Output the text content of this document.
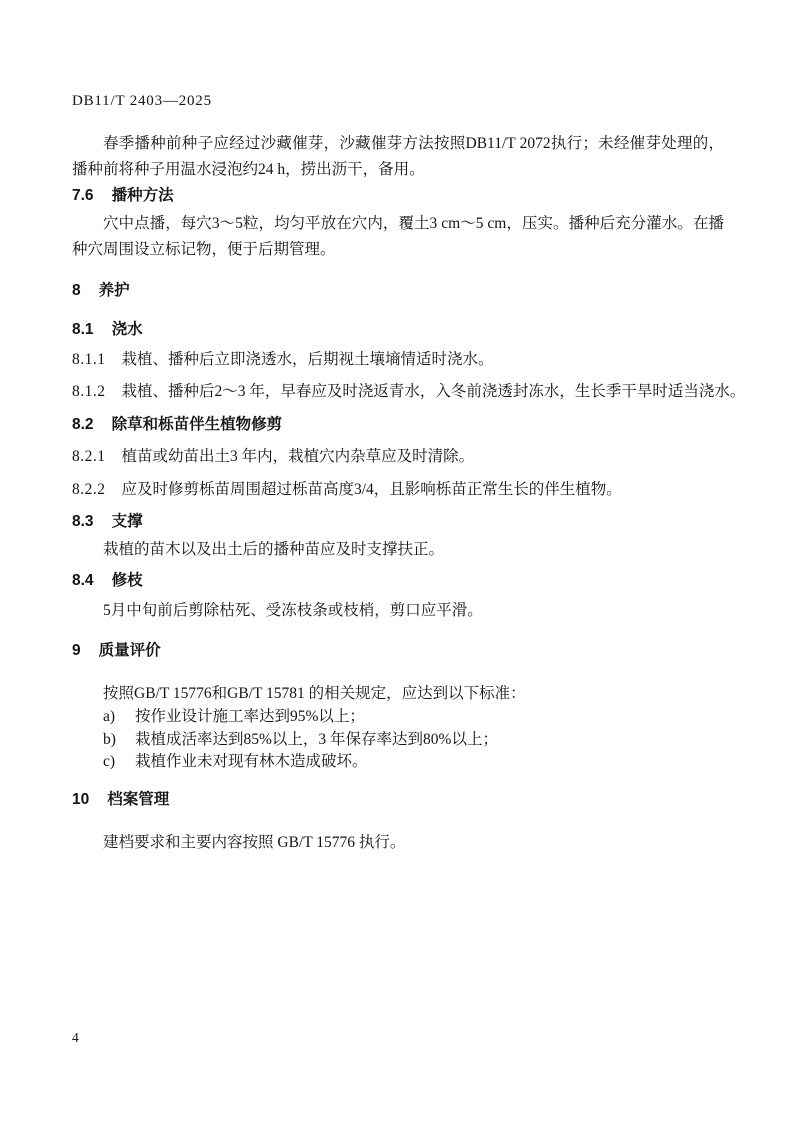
DB11/T 2403—2025
春季播种前种子应经过沙藏催芽，沙藏催芽方法按照DB11/T 2072执行；未经催芽处理的，播种前将种子用温水浸泡约24 h，捞出沥干，备用。
7.6 播种方法
穴中点播，每穴3～5粒，均匀平放在穴内，覆土3 cm～5 cm，压实。播种后充分灌水。在播种穴周围设立标记物，便于后期管理。
8 养护
8.1 浇水
8.1.1 栽植、播种后立即浇透水，后期视土壤墒情适时浇水。
8.1.2 栽植、播种后2～3 年，早春应及时浇返青水，入冬前浇透封冻水，生长季干旱时适当浇水。
8.2 除草和栎苗伴生植物修剪
8.2.1 植苗或幼苗出土3 年内，栽植穴内杂草应及时清除。
8.2.2 应及时修剪栎苗周围超过栎苗高度3/4，且影响栎苗正常生长的伴生植物。
8.3 支撑
栽植的苗木以及出土后的播种苗应及时支撑扶正。
8.4 修枝
5月中旬前后剪除枯死、受冻枝条或枝梢，剪口应平滑。
9 质量评价
按照GB/T 15776和GB/T 15781 的相关规定，应达到以下标准：
a)	按作业设计施工率达到95%以上；
b)	栽植成活率达到85%以上，3 年保存率达到80%以上；
c)	栽植作业未对现有林木造成破坏。
10 档案管理
建档要求和主要内容按照 GB/T 15776 执行。
4
